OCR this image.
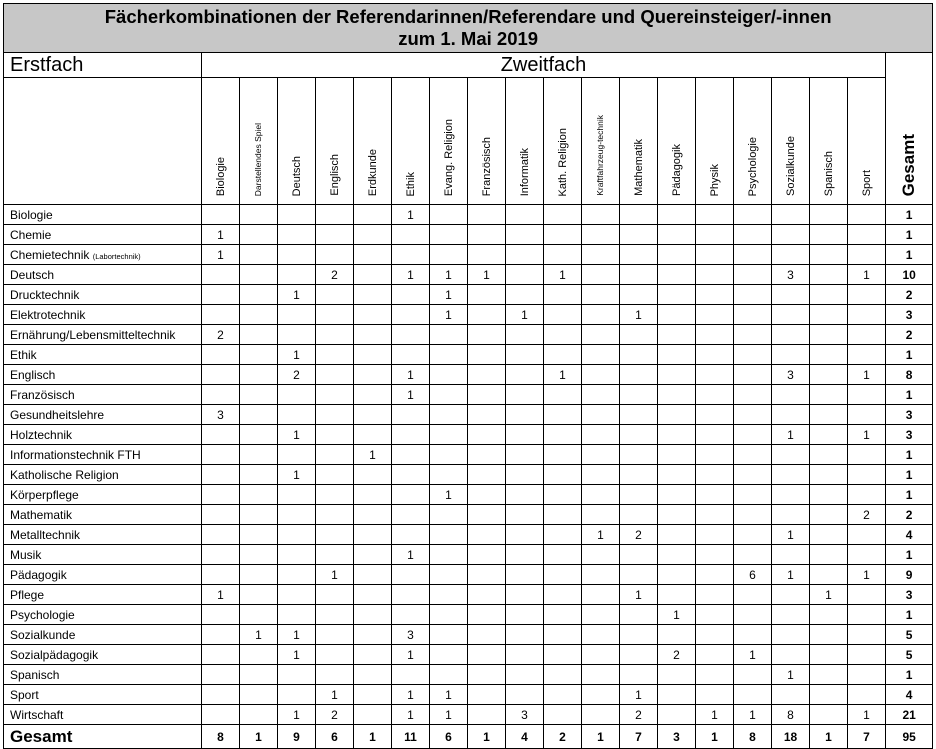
Fächerkombinationen der Referendarinnen/Referendare und Quereinsteiger/-innen
zum 1. Mai 2019																			

Erstfach	Zweitfach																		Gesamt

	Biologie	Darstellendes Spiel	Deutsch	Englisch	Erdkunde	Ethik	Evang. Religion	Französisch	Informatik	Kath. Religion	Kraftfahrzeug-technik	Mathematik	Pädagogik	Physik	Psychologie	Sozialkunde	Spanisch	Sport	

Biologie						1													1
Chemie	1																		1
Chemietechnik (Labortechnik)	1																		1
Deutsch				2		1	1	1		1						3		1	10
Drucktechnik			1				1												2
Elektrotechnik							1		1			1							3
Ernährung/Lebensmitteltechnik	2																		2
Ethik			1																1
Englisch			2			1				1						3		1	8
Französisch						1													1
Gesundheitslehre	3																		3
Holztechnik			1													1		1	3
Informationstechnik FTH					1														1
Katholische Religion			1																1
Körperpflege							1												1
Mathematik																		2	2
Metalltechnik											1	2				1			4
Musik						1													1
Pädagogik				1											6	1		1	9
Pflege	1											1					1		3
Psychologie													1						1
Sozialkunde		1	1			3													5
Sozialpädagogik			1			1							2		1				5
Spanisch																1			1
Sport				1		1	1					1							4
Wirtschaft			1	2		1	1		3			2		1	1	8		1	21
Gesamt	8	1	9	6	1	11	6	1	4	2	1	7	3	1	8	18	1	7	95
